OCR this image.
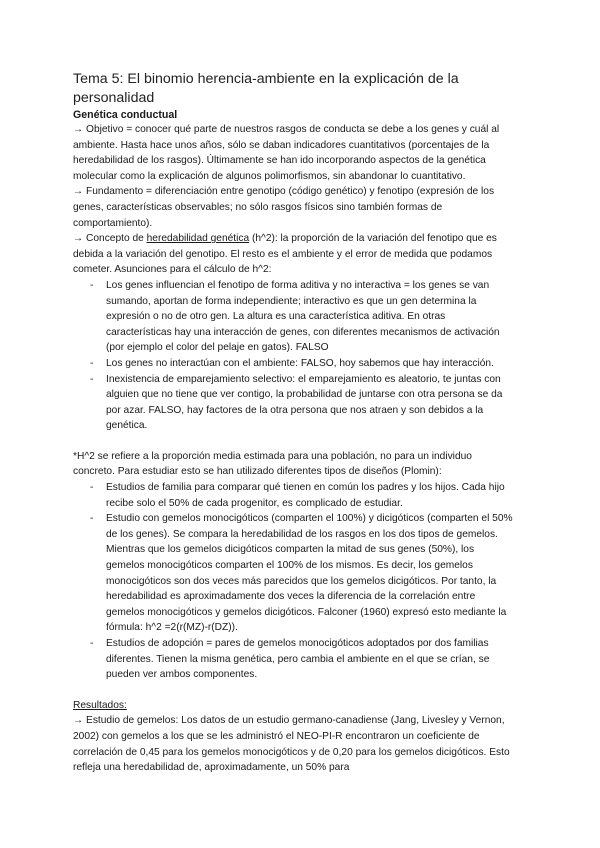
Tema 5: El binomio herencia-ambiente en la explicación de la personalidad
Genética conductual

→ Objetivo = conocer qué parte de nuestros rasgos de conducta se debe a los genes y cuál al ambiente. Hasta hace unos años, sólo se daban indicadores cuantitativos (porcentajes de la heredabilidad de los rasgos). Últimamente se han ido incorporando aspectos de la genética molecular como la explicación de algunos polimorfismos, sin abandonar lo cuantitativo.

→ Fundamento = diferenciación entre genotipo (código genético) y fenotipo (expresión de los genes, características observables; no sólo rasgos físicos sino también formas de comportamiento).

→ Concepto de heredabilidad genética (h^2): la proporción de la variación del fenotipo que es debida a la variación del genotipo. El resto es el ambiente y el error de medida que podamos cometer. Asunciones para el cálculo de h^2:

- Los genes influencian el fenotipo de forma aditiva y no interactiva = los genes se van sumando, aportan de forma independiente; interactivo es que un gen determina la expresión o no de otro gen. La altura es una característica aditiva. En otras características hay una interacción de genes, con diferentes mecanismos de activación (por ejemplo el color del pelaje en gatos). FALSO
- Los genes no interactúan con el ambiente: FALSO, hoy sabemos que hay interacción.
- Inexistencia de emparejamiento selectivo: el emparejamiento es aleatorio, te juntas con alguien que no tiene que ver contigo, la probabilidad de juntarse con otra persona se da por azar. FALSO, hay factores de la otra persona que nos atraen y son debidos a la genética.

*H^2 se refiere a la proporción media estimada para una población, no para un individuo concreto. Para estudiar esto se han utilizado diferentes tipos de diseños (Plomin):

- Estudios de familia para comparar qué tienen en común los padres y los hijos. Cada hijo recibe solo el 50% de cada progenitor, es complicado de estudiar.
- Estudio con gemelos monocigóticos (comparten el 100%) y dicigóticos (comparten el 50% de los genes). Se compara la heredabilidad de los rasgos en los dos tipos de gemelos. Mientras que los gemelos dicigóticos comparten la mitad de sus genes (50%), los gemelos monocigóticos comparten el 100% de los mismos. Es decir, los gemelos monocigóticos son dos veces más parecidos que los gemelos dicigóticos. Por tanto, la heredabilidad es aproximadamente dos veces la diferencia de la correlación entre gemelos monocigóticos y gemelos dicigóticos. Falconer (1960) expresó esto mediante la fórmula: h^2 =2(r(MZ)-r(DZ)).
- Estudios de adopción = pares de gemelos monocigóticos adoptados por dos familias diferentes. Tienen la misma genética, pero cambia el ambiente en el que se crían, se pueden ver ambos componentes.

Resultados:

→ Estudio de gemelos: Los datos de un estudio germano-canadiense (Jang, Livesley y Vernon, 2002) con gemelos a los que se les administró el NEO-PI-R encontraron un coeficiente de correlación de 0,45 para los gemelos monocigóticos y de 0,20 para los gemelos dicigóticos. Esto refleja una heredabilidad de, aproximadamente, un 50% para
